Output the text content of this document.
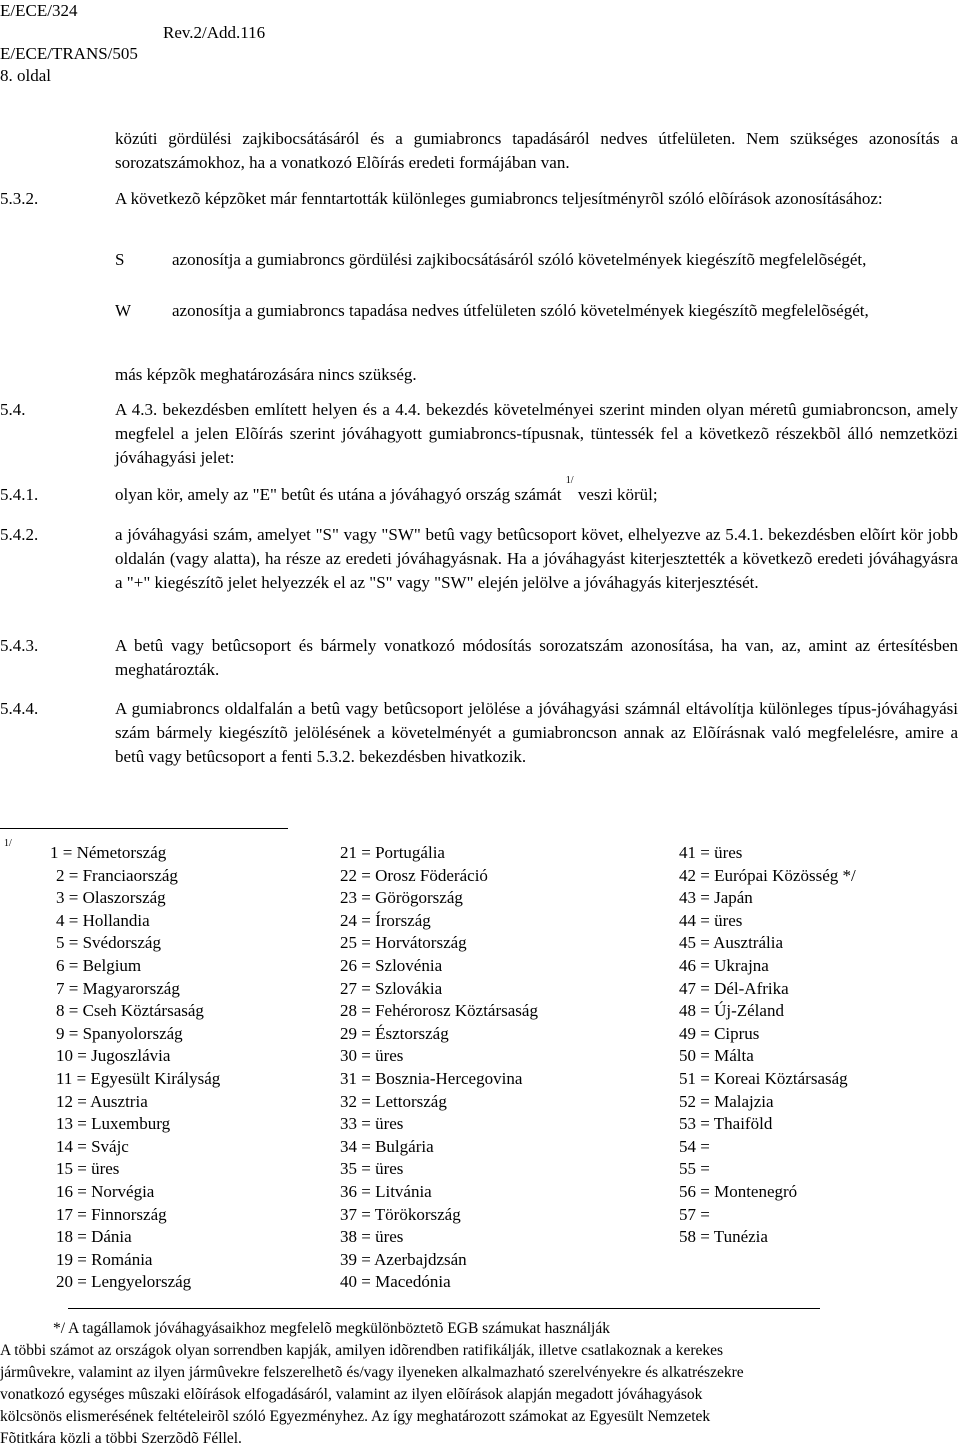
E/ECE/324
Rev.2/Add.116
E/ECE/TRANS/505
8. oldal
közúti gördülési zajkibocsátásáról és a gumiabroncs tapadásáról nedves útfelületen. Nem szükséges azonosítás a sorozatszámokhoz, ha a vonatkozó Elõírás eredeti formájában van.
5.3.2.	A következõ képzõket már fenntartották különleges gumiabroncs teljesítményrõl szóló elõírások azonosításához:
S	azonosítja a gumiabroncs gördülési zajkibocsátásáról szóló követelmények kiegészítõ megfelelõségét,
W azonosítja a gumiabroncs tapadása nedves útfelületen szóló követelmények kiegészítõ megfelelõségét,
más képzõk meghatározására nincs szükség.
5.4.	A 4.3. bekezdésben említett helyen és a 4.4. bekezdés követelményei szerint minden olyan méretû gumiabroncson, amely megfelel a jelen Elõírás szerint jóváhagyott gumiabroncs-típusnak, tüntessék fel a következõ részekbõl álló nemzetközi jóváhagyási jelet:
5.4.1.	olyan kör, amely az "E" betût és utána a jóváhagyó ország számát $^{1/}$ veszi körül;
5.4.2.	a jóváhagyási szám, amelyet "S" vagy "SW" betû vagy betûcsoport követ, elhelyezve az 5.4.1. bekezdésben elõírt kör jobb oldalán (vagy alatta), ha része az eredeti jóváhagyásnak. Ha a jóváhagyást kiterjesztették a következõ eredeti jóváhagyásra a "+" kiegészítõ jelet helyezzék el az "S" vagy "SW" elején jelölve a jóváhagyás kiterjesztését.
5.4.3.	A betû vagy betûcsoport és bármely vonatkozó módosítás sorozatszám azonosítása, ha van, az, amint az értesítésben meghatározták.
5.4.4.	A gumiabroncs oldalfalán a betû vagy betûcsoport jelölése a jóváhagyási számnál eltávolítja különleges típus-jóváhagyási szám bármely kiegészítõ jelölésének a követelményét a gumiabroncson annak az Elõírásnak való megfelelésre, amire a betû vagy betûcsoport a fenti 5.3.2. bekezdésben hivatkozik.
1/ 1 = Németország
2 = Franciaország
3 = Olaszország
4 = Hollandia
5 = Svédország
6 = Belgium
7 = Magyarország
8 = Cseh Köztársaság
9 = Spanyolország
10 = Jugoszlávia
11 = Egyesült Királyság
12 = Ausztria
13 = Luxemburg
14 = Svájc
15 = üres
16 = Norvégia
17 = Finnország
18 = Dánia
19 = Románia
20 = Lengyelország
21 = Portugália
22 = Orosz Föderáció
23 = Görögország
24 = Írország
25 = Horvátország
26 = Szlovénia
27 = Szlovákia
28 = Fehérorosz Köztársaság
29 = Észtország
30 = üres
31 = Bosznia-Hercegovina
32 = Lettország
33 = üres
34 = Bulgária
35 = üres
36 = Litvánia
37 = Törökország
38 = üres
39 = Azerbajdzsán
40 = Macedónia
41 = üres
42 = Európai Közösség */
43 = Japán
44 = üres
45 = Ausztrália
46 = Ukrajna
47 = Dél-Afrika
48 = Új-Zéland
49 = Ciprus
50 = Málta
51 = Koreai Köztársaság
52 = Malajzia
53 = Thaiföld
54 =
55 =
56 = Montenegró
57 =
58 = Tunézia
*/ A tagállamok jóváhagyásaikhoz megfelelõ megkülönböztetõ EGB számukat használják
A többi számot az országok olyan sorrendben kapják, amilyen idõrendben ratifikálják, illetve csatlakoznak a kerekes
jármûvekre, valamint az ilyen jármûvekre felszerelhetõ és/vagy ilyeneken alkalmazható szerelvényekre és alkatrészekre
vonatkozó egységes mûszaki elõírások elfogadásáról, valamint az ilyen elõírások alapján megadott jóváhagyások
kölcsönös elismerésének feltételeirõl szóló Egyezményhez. Az így meghatározott számokat az Egyesült Nemzetek
Fõtitkára közli a többi Szerzõdõ Féllel.
